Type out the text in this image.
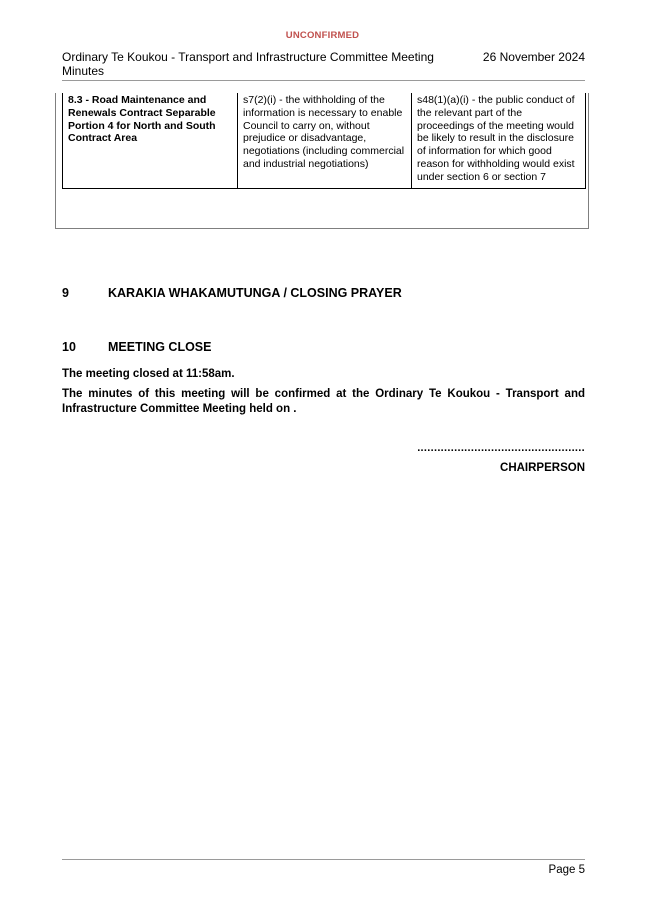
UNCONFIRMED
Ordinary Te Koukou - Transport and Infrastructure Committee Meeting Minutes
26 November 2024
8.3 - Road Maintenance and Renewals Contract Separable Portion 4 for North and South Contract Area	s7(2)(i) - the withholding of the information is necessary to enable Council to carry on, without prejudice or disadvantage, negotiations (including commercial and industrial negotiations)	s48(1)(a)(i) - the public conduct of the relevant part of the proceedings of the meeting would be likely to result in the disclosure of information for which good reason for withholding would exist under section 6 or section 7
9	KARAKIA WHAKAMUTUNGA / CLOSING PRAYER
10	MEETING CLOSE
The meeting closed at 11:58am.
The minutes of this meeting will be confirmed at the Ordinary Te Koukou - Transport and Infrastructure Committee Meeting held on .
..................................................
CHAIRPERSON
Page 5
